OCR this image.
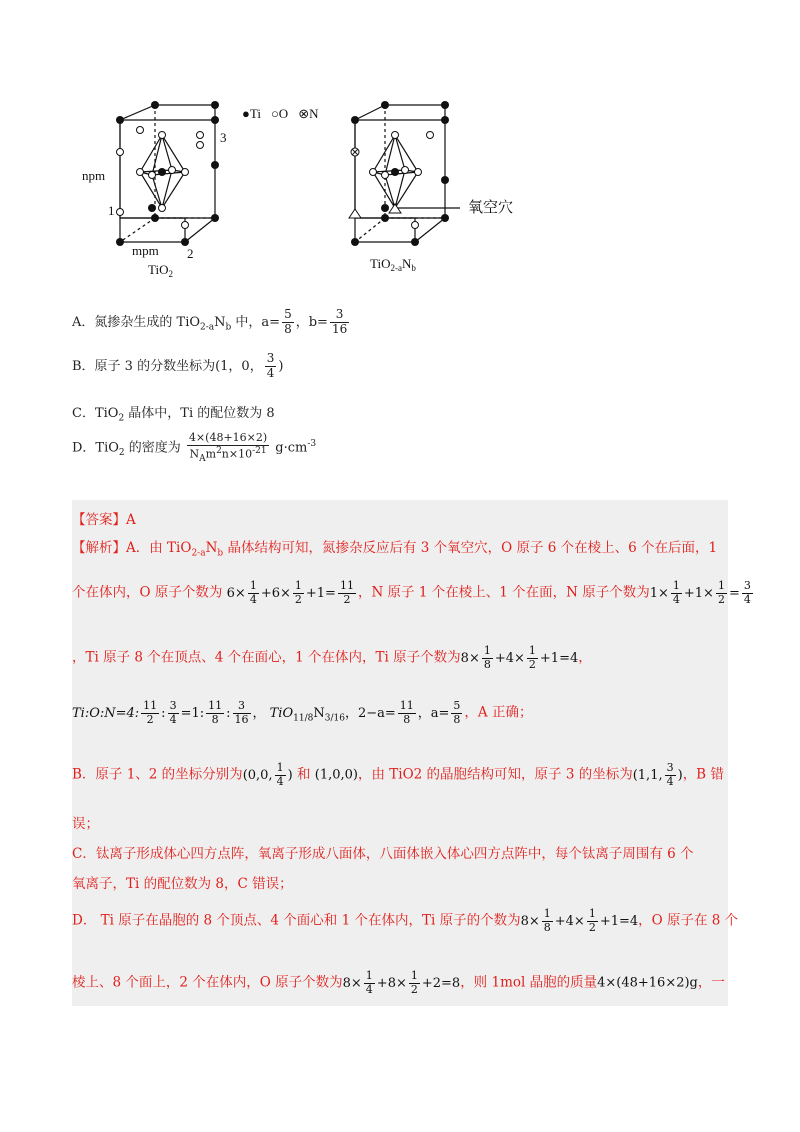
npm
mpm
1
2
3
TiO$_2$
●Ti ○O ⊗N
氧空穴
$TiO_{2-a}N_b$
A．氮掺杂生成的 $TiO_{2-a}N_b$ 中，$a= \frac{5}{8}$ ，$b= \frac{3}{16}$
B．原子 3 的分数坐标为(1，0， $\frac{3}{4}$ )
C．TiO$_2$ 晶体中，Ti 的配位数为 8
D．TiO$_2$ 的密度为 $\frac{4\times(48+16\times 2)}{N_Am^2n\times 10^{-21}} g\cdot cm^{-3}$
【答案】A
【解析】A．由 $TiO_{2-a}N_b$ 晶体结构可知，氮掺杂反应后有 3 个氧空穴，O 原子 6 个在棱上、6 个在后面，1
个在体内，O 原子个数为 $6\times \frac{1}{4} +6\times \frac{1}{2} +1= \frac{11}{2}$ ，N 原子 1 个在棱上、1 个在面，N 原子个数为$1\times \frac{1}{4} +1\times \frac{1}{2} = \frac{3}{4}$
，Ti 原子 8 个在顶点、4 个在面心，1 个在体内，Ti 原子个数为$8\times \frac{1}{8} +4\times \frac{1}{2} +1=4$，
Ti:O:N=4: $\frac{11}{2}$ : $\frac{3}{4} =1$: $\frac{11}{8}$ : $\frac{3}{16}$ ， $TiO_{11/8}N_{3/16}$，$2-a= \frac{11}{8}$ ，$a= \frac{5}{8}$ ，A 正确；
B．原子 1、2 的坐标分别为(0,0, $\frac{1}{4}$ ) 和 (1,0,0)，由 TiO2 的晶胞结构可知，原子 3 的坐标为(1,1, $\frac{3}{4}$ )，B 错
误；
C．钛离子形成体心四方点阵，氧离子形成八面体，八面体嵌入体心四方点阵中，每个钛离子周围有 6 个
氧离子，Ti 的配位数为 8，C 错误；
D． Ti 原子在晶胞的 8 个顶点、4 个面心和 1 个在体内，Ti 原子的个数为$8\times \frac{1}{8} +4\times \frac{1}{2} +1=4$，O 原子在 8 个
棱上、8 个面上，2 个在体内，O 原子个数为$8\times \frac{1}{4} +8\times \frac{1}{2} +2=8$，则 1mol 晶胞的质量4×(48+16×2)g，一
